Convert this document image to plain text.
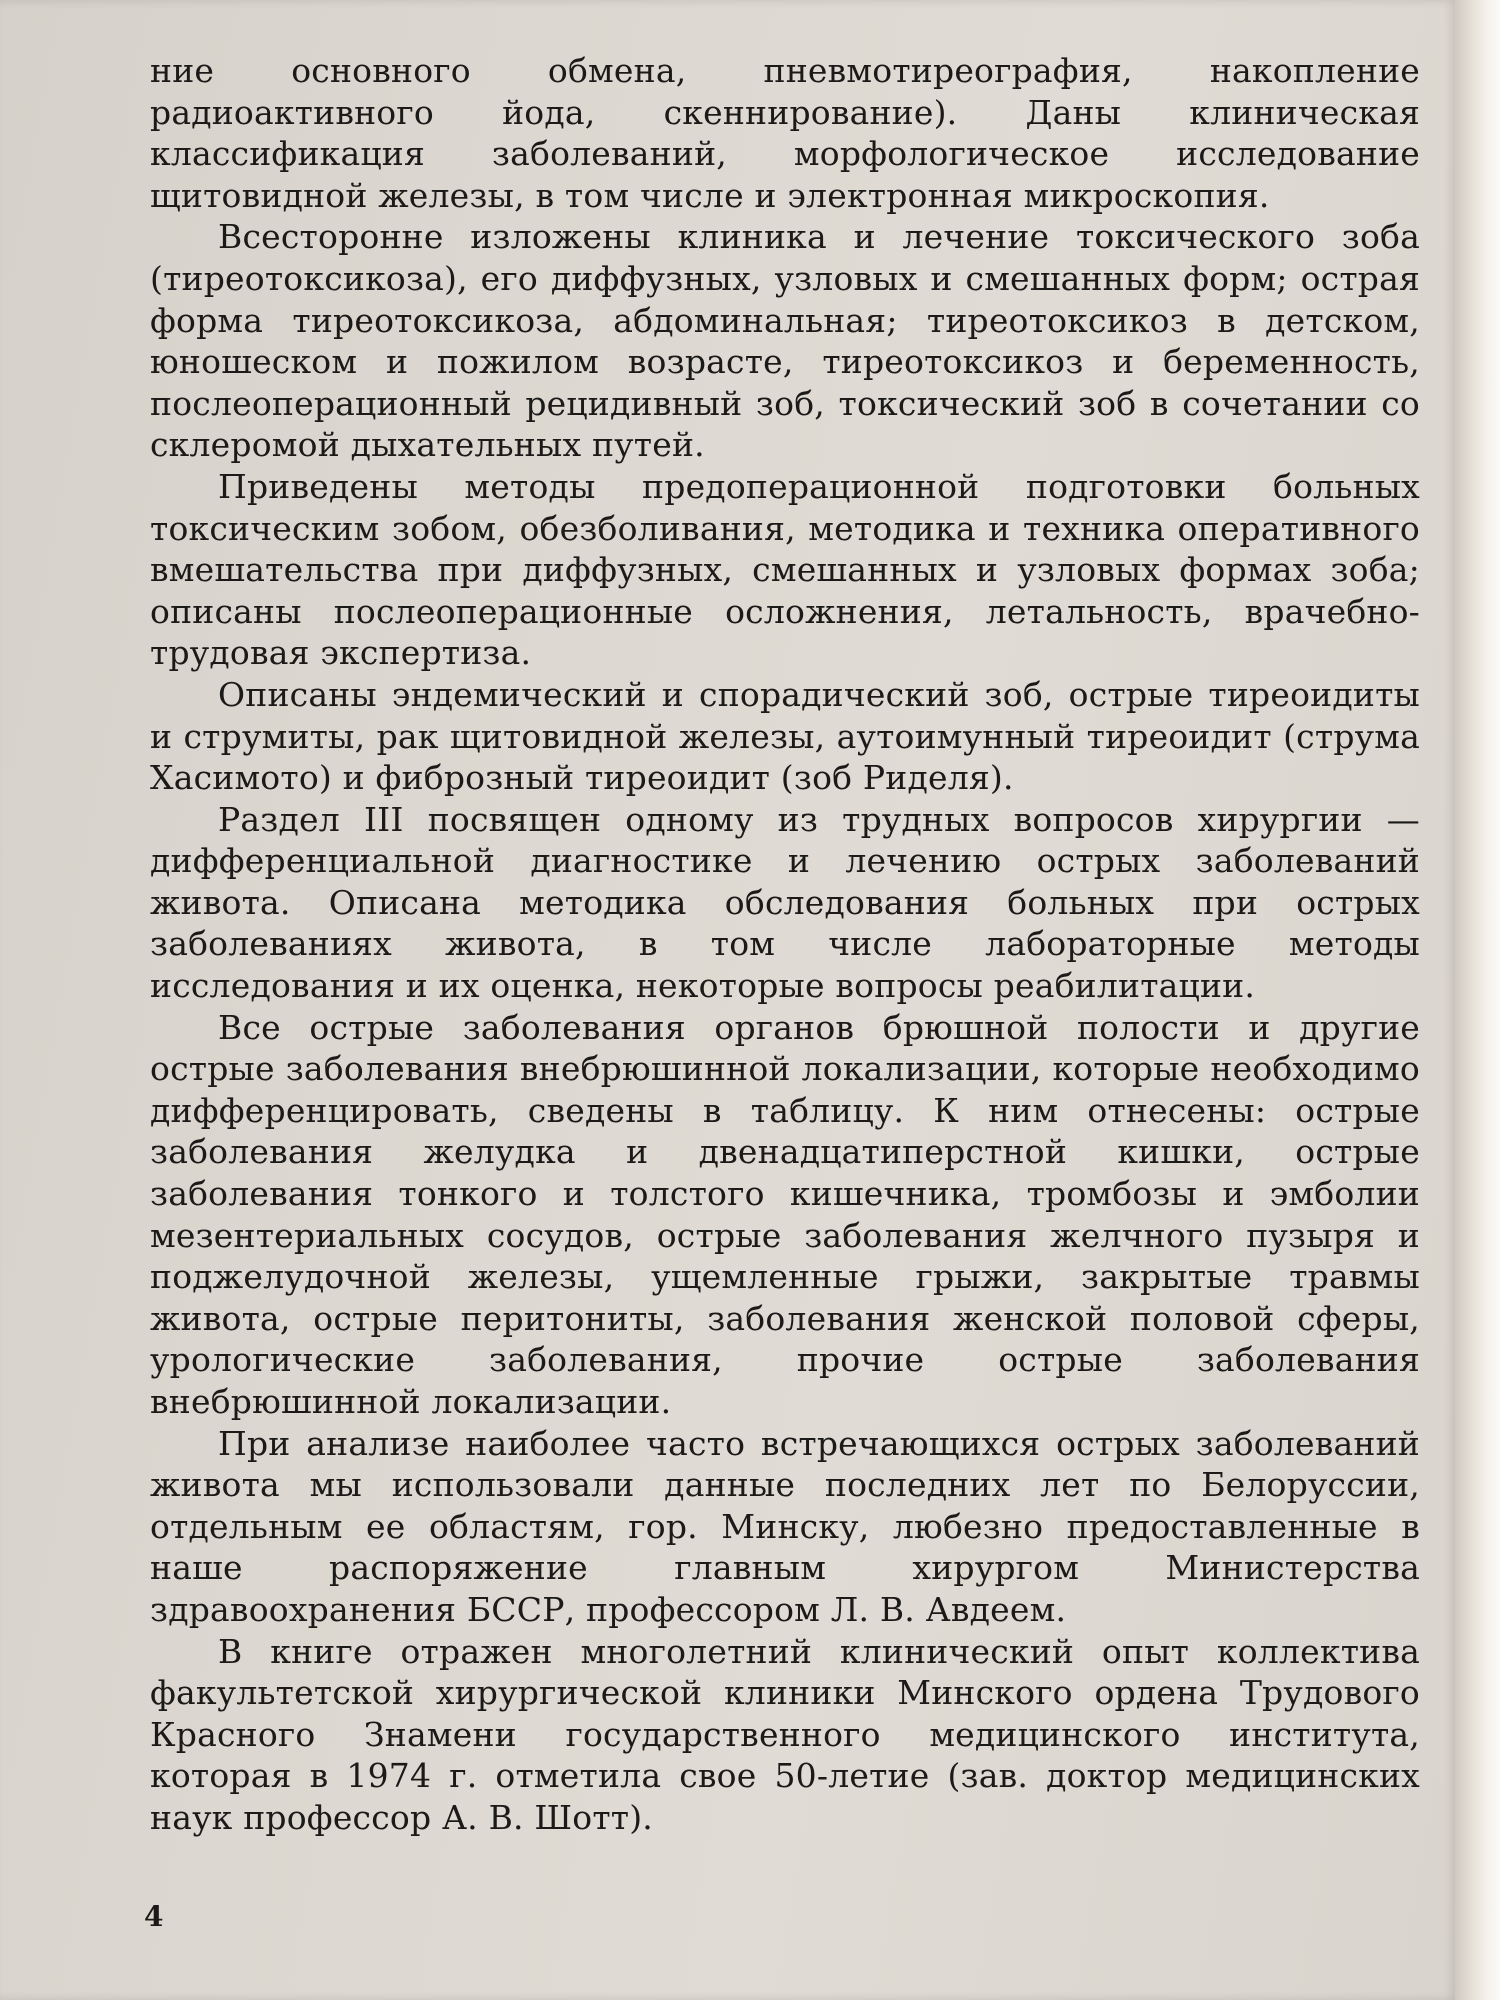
ние основного обмена, пневмотиреография, накопление радиоактивного йода, скеннирование). Даны клиническая классификация заболеваний, морфологическое исследование щитовидной железы, в том числе и электронная микроскопия.

Всесторонне изложены клиника и лечение токсического зоба (тиреотоксикоза), его диффузных, узловых и смешанных форм; острая форма тиреотоксикоза, абдоминальная; тиреотоксикоз в детском, юношеском и пожилом возрасте, тиреотоксикоз и беременность, послеоперационный рецидивный зоб, токсический зоб в сочетании со склеромой дыхательных путей.

Приведены методы предоперационной подготовки больных токсическим зобом, обезболивания, методика и техника оперативного вмешательства при диффузных, смешанных и узловых формах зоба; описаны послеоперационные осложнения, летальность, врачебно-трудовая экспертиза.

Описаны эндемический и спорадический зоб, острые тиреоидиты и струмиты, рак щитовидной железы, аутоимунный тиреоидит (струма Хасимото) и фиброзный тиреоидит (зоб Риделя).

Раздел III посвящен одному из трудных вопросов хирургии — дифференциальной диагностике и лечению острых заболеваний живота. Описана методика обследования больных при острых заболеваниях живота, в том числе лабораторные методы исследования и их оценка, некоторые вопросы реабилитации.

Все острые заболевания органов брюшной полости и другие острые заболевания внебрюшинной локализации, которые необходимо дифференцировать, сведены в таблицу. К ним отнесены: острые заболевания желудка и двенадцатиперстной кишки, острые заболевания тонкого и толстого кишечника, тромбозы и эмболии мезентериальных сосудов, острые заболевания желчного пузыря и поджелудочной железы, ущемленные грыжи, закрытые травмы живота, острые перитониты, заболевания женской половой сферы, урологические заболевания, прочие острые заболевания внебрюшинной локализации.

При анализе наиболее часто встречающихся острых заболеваний живота мы использовали данные последних лет по Белоруссии, отдельным ее областям, гор. Минску, любезно предоставленные в наше распоряжение главным хирургом Министерства здравоохранения БССР, профессором Л. В. Авдеем.

В книге отражен многолетний клинический опыт коллектива факультетской хирургической клиники Минского ордена Трудового Красного Знамени государственного медицинского института, которая в 1974 г. отметила свое 50-летие (зав. доктор медицинских наук профессор А. В. Шотт).

4
